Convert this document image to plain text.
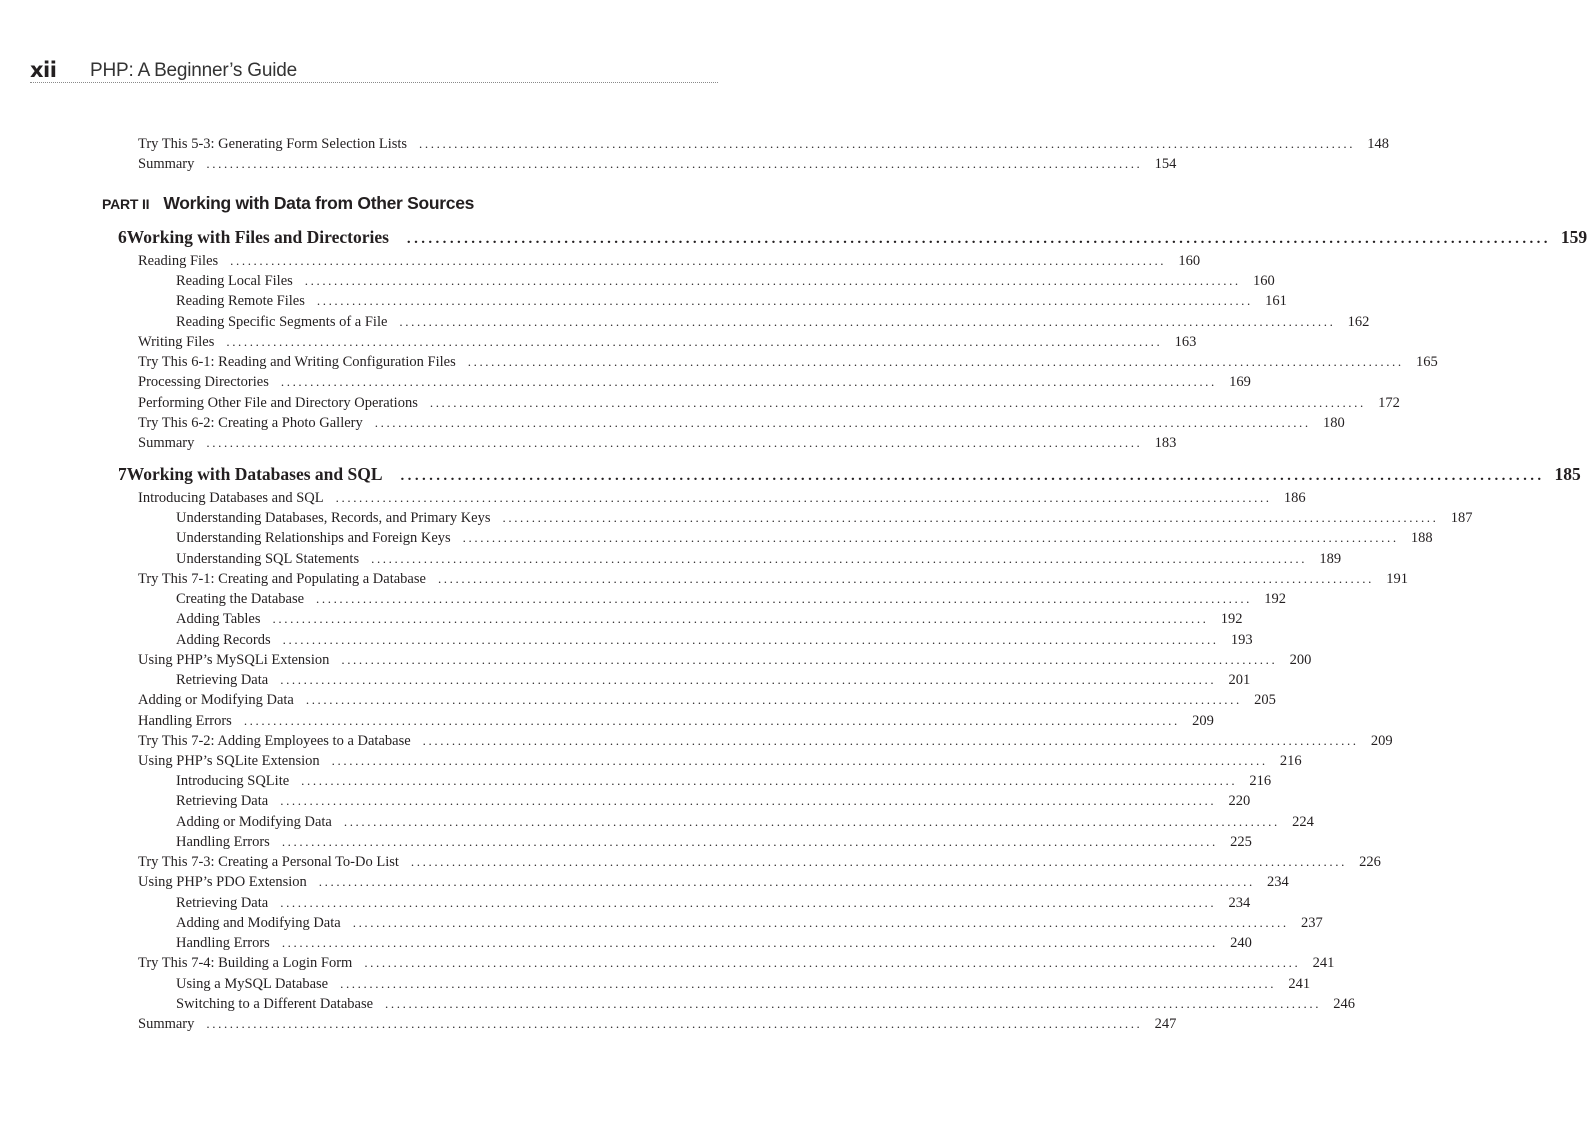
xii PHP: A Beginner’s Guide
PART II Working with Data from Other Sources
Try This 5-3: Generating Form Selection Lists ................................................................................................................................................................ 148
Summary ................................................................................................................................................................ 154
6 Working with Files and Directories	................................................................................................................................................................ 159
Reading Files ................................................................................................................................................................ 160
Reading Local Files ................................................................................................................................................................ 160
Reading Remote Files ................................................................................................................................................................ 161
Reading Specific Segments of a File ................................................................................................................................................................ 162
Writing Files ................................................................................................................................................................ 163
Try This 6-1: Reading and Writing Configuration Files ................................................................................................................................................................ 165
Processing Directories ................................................................................................................................................................ 169
Performing Other File and Directory Operations ................................................................................................................................................................ 172
Try This 6-2: Creating a Photo Gallery ................................................................................................................................................................ 180
Summary ................................................................................................................................................................ 183
7 Working with Databases and SQL	................................................................................................................................................................ 185
Introducing Databases and SQL ................................................................................................................................................................ 186
Understanding Databases, Records, and Primary Keys ................................................................................................................................................................ 187
Understanding Relationships and Foreign Keys ................................................................................................................................................................ 188
Understanding SQL Statements ................................................................................................................................................................ 189
Try This 7-1: Creating and Populating a Database ................................................................................................................................................................ 191
Creating the Database ................................................................................................................................................................ 192
Adding Tables ................................................................................................................................................................ 192
Adding Records ................................................................................................................................................................ 193
Using PHP’s MySQLi Extension ................................................................................................................................................................ 200
Retrieving Data ................................................................................................................................................................ 201
Adding or Modifying Data ................................................................................................................................................................ 205
Handling Errors ................................................................................................................................................................ 209
Try This 7-2: Adding Employees to a Database ................................................................................................................................................................ 209
Using PHP’s SQLite Extension ................................................................................................................................................................ 216
Introducing SQLite ................................................................................................................................................................ 216
Retrieving Data ................................................................................................................................................................ 220
Adding or Modifying Data ................................................................................................................................................................ 224
Handling Errors ................................................................................................................................................................ 225
Try This 7-3: Creating a Personal To-Do List ................................................................................................................................................................ 226
Using PHP’s PDO Extension ................................................................................................................................................................ 234
Retrieving Data ................................................................................................................................................................ 234
Adding and Modifying Data ................................................................................................................................................................ 237
Handling Errors ................................................................................................................................................................ 240
Try This 7-4: Building a Login Form ................................................................................................................................................................ 241
Using a MySQL Database ................................................................................................................................................................ 241
Switching to a Different Database ................................................................................................................................................................ 246
Summary ................................................................................................................................................................ 247
